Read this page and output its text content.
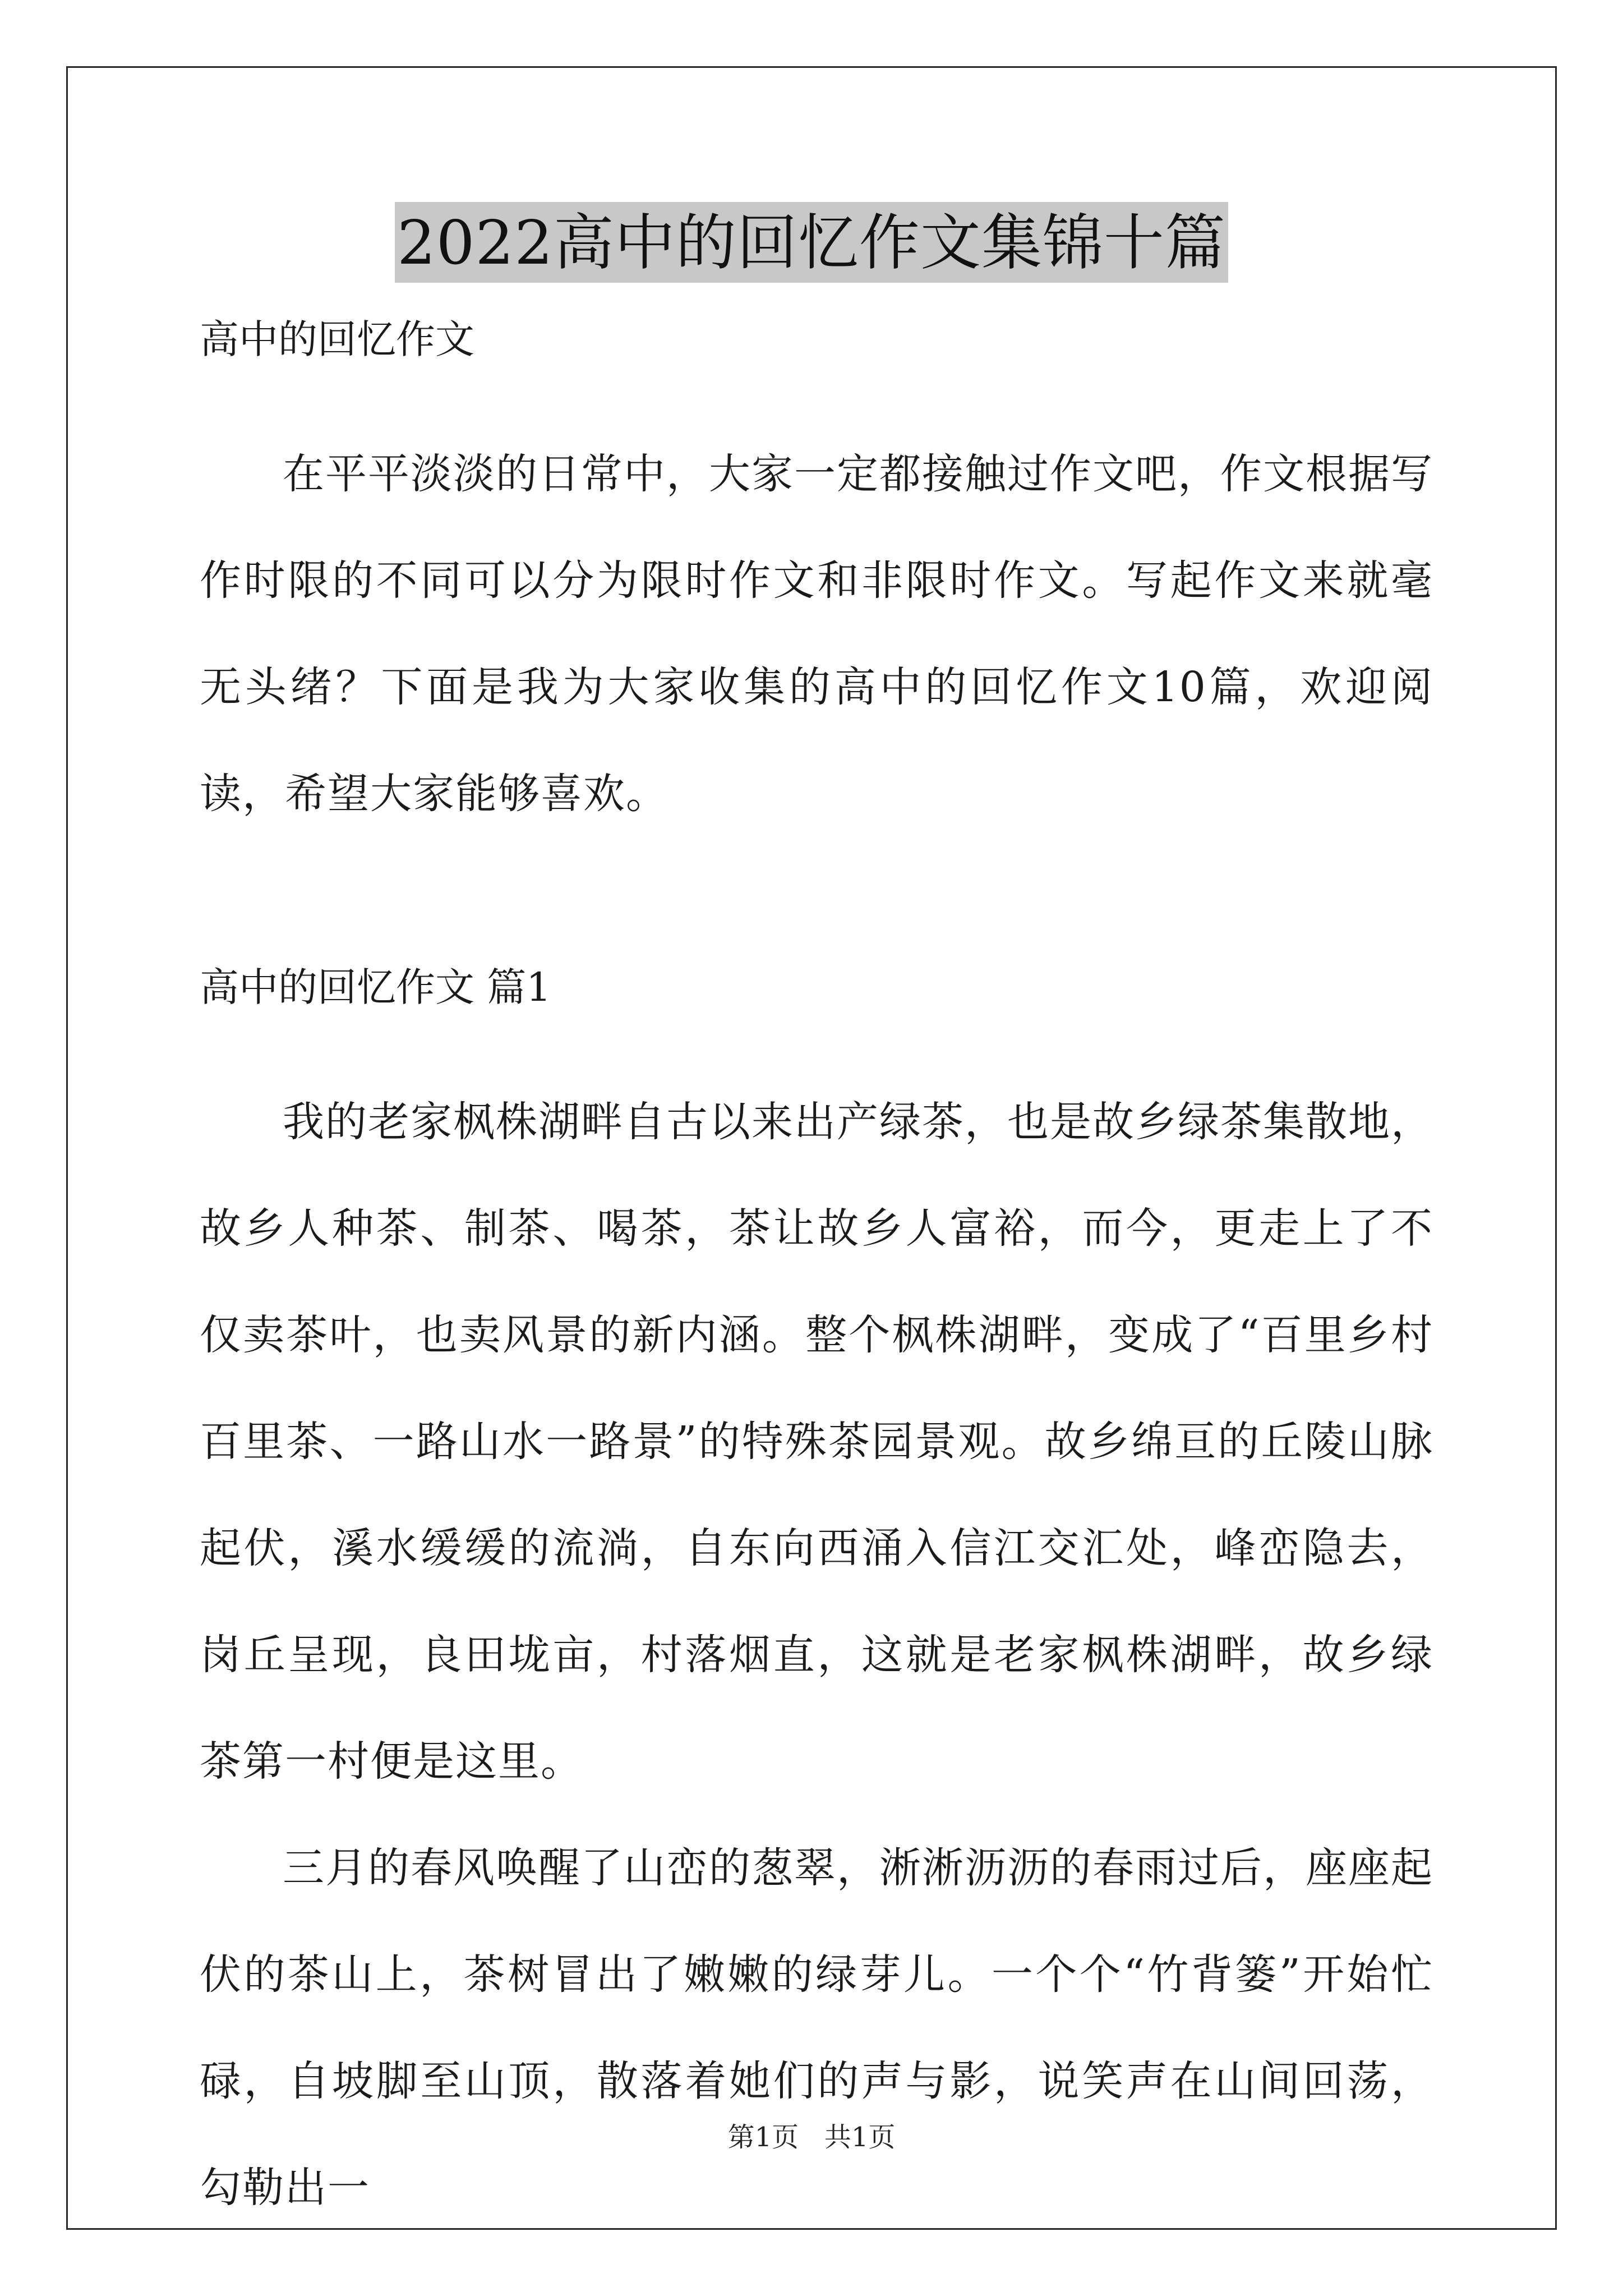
2022高中的回忆作文集锦十篇

高中的回忆作文

在平平淡淡的日常中，大家一定都接触过作文吧，作文根据写作时限的不同可以分为限时作文和非限时作文。写起作文来就毫无头绪？下面是我为大家收集的高中的回忆作文10篇，欢迎阅读，希望大家能够喜欢。

高中的回忆作文 篇1

我的老家枫株湖畔自古以来出产绿茶，也是故乡绿茶集散地，故乡人种茶、制茶、喝茶，茶让故乡人富裕，而今，更走上了不仅卖茶叶，也卖风景的新内涵。整个枫株湖畔，变成了“百里乡村百里茶、一路山水一路景”的特殊茶园景观。故乡绵亘的丘陵山脉起伏，溪水缓缓的流淌，自东向西涌入信江交汇处，峰峦隐去，岗丘呈现，良田垅亩，村落烟直，这就是老家枫株湖畔，故乡绿茶第一村便是这里。

三月的春风唤醒了山峦的葱翠，淅淅沥沥的春雨过后，座座起伏的茶山上，茶树冒出了嫩嫩的绿芽儿。一个个“竹背篓”开始忙碌，自坡脚至山顶，散落着她们的声与影，说笑声在山间回荡，勾勒出一

第1页   共1页
